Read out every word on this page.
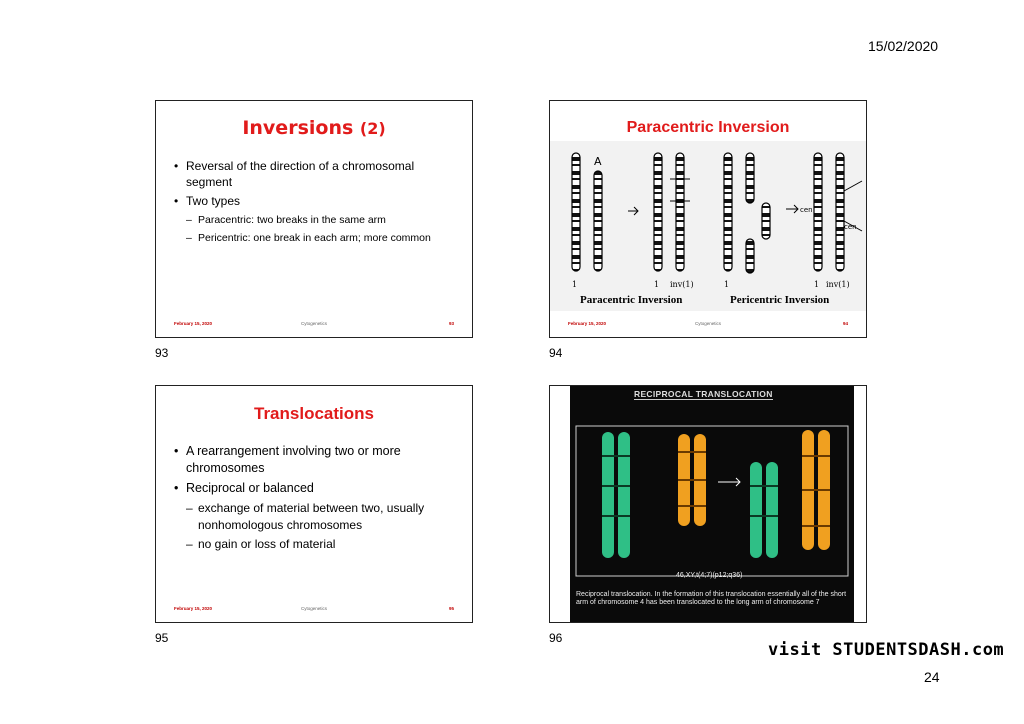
15/02/2020
Inversions (2)
• Reversal of the direction of a chromosomal segment
• Two types
– Paracentric: two breaks in the same arm
– Pericentric: one break in each arm; more common
February 15, 2020	Cytogenetics	93
93
Paracentric Inversion
A
cen
cen
1	1 inv(1)	1	1 inv(1)
Paracentric Inversion	Pericentric Inversion
February 15, 2020	Cytogenetics	94
94
Translocations
• A rearrangement involving two or more chromosomes
• Reciprocal or balanced
– exchange of material between two, usually nonhomologous chromosomes
– no gain or loss of material
February 15, 2020	Cytogenetics	95
95
RECIPROCAL TRANSLOCATION
46,XY,t(4;7)(p12;q36)
Reciprocal translocation. In the formation of this translocation essentially all of the short arm of chromosome 4 has been translocated to the long arm of chromosome 7
96
visit STUDENTSDASH.com
24
